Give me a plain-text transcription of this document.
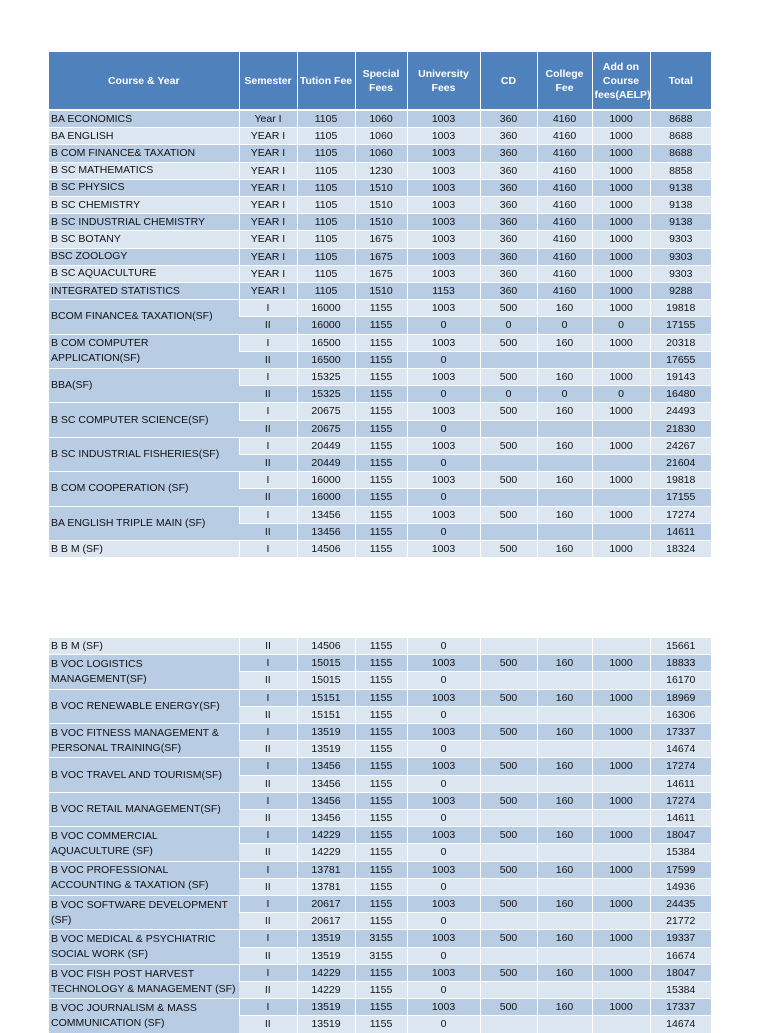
Course & Year	Semester	Tution Fee	Special Fees	University Fees	CD	College Fee	Add on Course fees(AELP)	Total
BA ECONOMICS	Year I	1105	1060	1003	360	4160	1000	8688
BA ENGLISH	YEAR I	1105	1060	1003	360	4160	1000	8688
B COM FINANCE& TAXATION	YEAR I	1105	1060	1003	360	4160	1000	8688
B SC MATHEMATICS	YEAR I	1105	1230	1003	360	4160	1000	8858
B SC PHYSICS	YEAR I	1105	1510	1003	360	4160	1000	9138
B SC CHEMISTRY	YEAR I	1105	1510	1003	360	4160	1000	9138
B SC INDUSTRIAL CHEMISTRY	YEAR I	1105	1510	1003	360	4160	1000	9138
B SC BOTANY	YEAR I	1105	1675	1003	360	4160	1000	9303
BSC ZOOLOGY	YEAR I	1105	1675	1003	360	4160	1000	9303
B SC AQUACULTURE	YEAR I	1105	1675	1003	360	4160	1000	9303
INTEGRATED STATISTICS	YEAR I	1105	1510	1153	360	4160	1000	9288
BCOM FINANCE& TAXATION(SF)	I	16000	1155	1003	500	160	1000	19818
	II	16000	1155	0	0	0	0	17155
B COM COMPUTER APPLICATION(SF)	I	16500	1155	1003	500	160	1000	20318
	II	16500	1155	0				17655
BBA(SF)	I	15325	1155	1003	500	160	1000	19143
	II	15325	1155	0	0	0	0	16480
B SC COMPUTER SCIENCE(SF)	I	20675	1155	1003	500	160	1000	24493
	II	20675	1155	0				21830
B SC INDUSTRIAL FISHERIES(SF)	I	20449	1155	1003	500	160	1000	24267
	II	20449	1155	0				21604
B COM COOPERATION (SF)	I	16000	1155	1003	500	160	1000	19818
	II	16000	1155	0				17155
BA ENGLISH TRIPLE MAIN (SF)	I	13456	1155	1003	500	160	1000	17274
	II	13456	1155	0				14611
B B M (SF)	I	14506	1155	1003	500	160	1000	18324
B B M (SF)	II	14506	1155	0				15661
B VOC LOGISTICS MANAGEMENT(SF)	I	15015	1155	1003	500	160	1000	18833
	II	15015	1155	0				16170
B VOC RENEWABLE ENERGY(SF)	I	15151	1155	1003	500	160	1000	18969
	II	15151	1155	0				16306
B VOC FITNESS MANAGEMENT & PERSONAL TRAINING(SF)	I	13519	1155	1003	500	160	1000	17337
	II	13519	1155	0				14674
B VOC TRAVEL AND TOURISM(SF)	I	13456	1155	1003	500	160	1000	17274
	II	13456	1155	0				14611
B VOC RETAIL MANAGEMENT(SF)	I	13456	1155	1003	500	160	1000	17274
	II	13456	1155	0				14611
B VOC COMMERCIAL AQUACULTURE (SF)	I	14229	1155	1003	500	160	1000	18047
	II	14229	1155	0				15384
B VOC PROFESSIONAL ACCOUNTING & TAXATION (SF)	I	13781	1155	1003	500	160	1000	17599
	II	13781	1155	0				14936
B VOC SOFTWARE DEVELOPMENT (SF)	I	20617	1155	1003	500	160	1000	24435
	II	20617	1155	0				21772
B VOC MEDICAL & PSYCHIATRIC SOCIAL WORK (SF)	I	13519	3155	1003	500	160	1000	19337
	II	13519	3155	0				16674
B VOC FISH POST HARVEST TECHNOLOGY & MANAGEMENT (SF)	I	14229	1155	1003	500	160	1000	18047
	II	14229	1155	0				15384
B VOC JOURNALISM & MASS COMMUNICATION (SF)	I	13519	1155	1003	500	160	1000	17337
	II	13519	1155	0				14674
